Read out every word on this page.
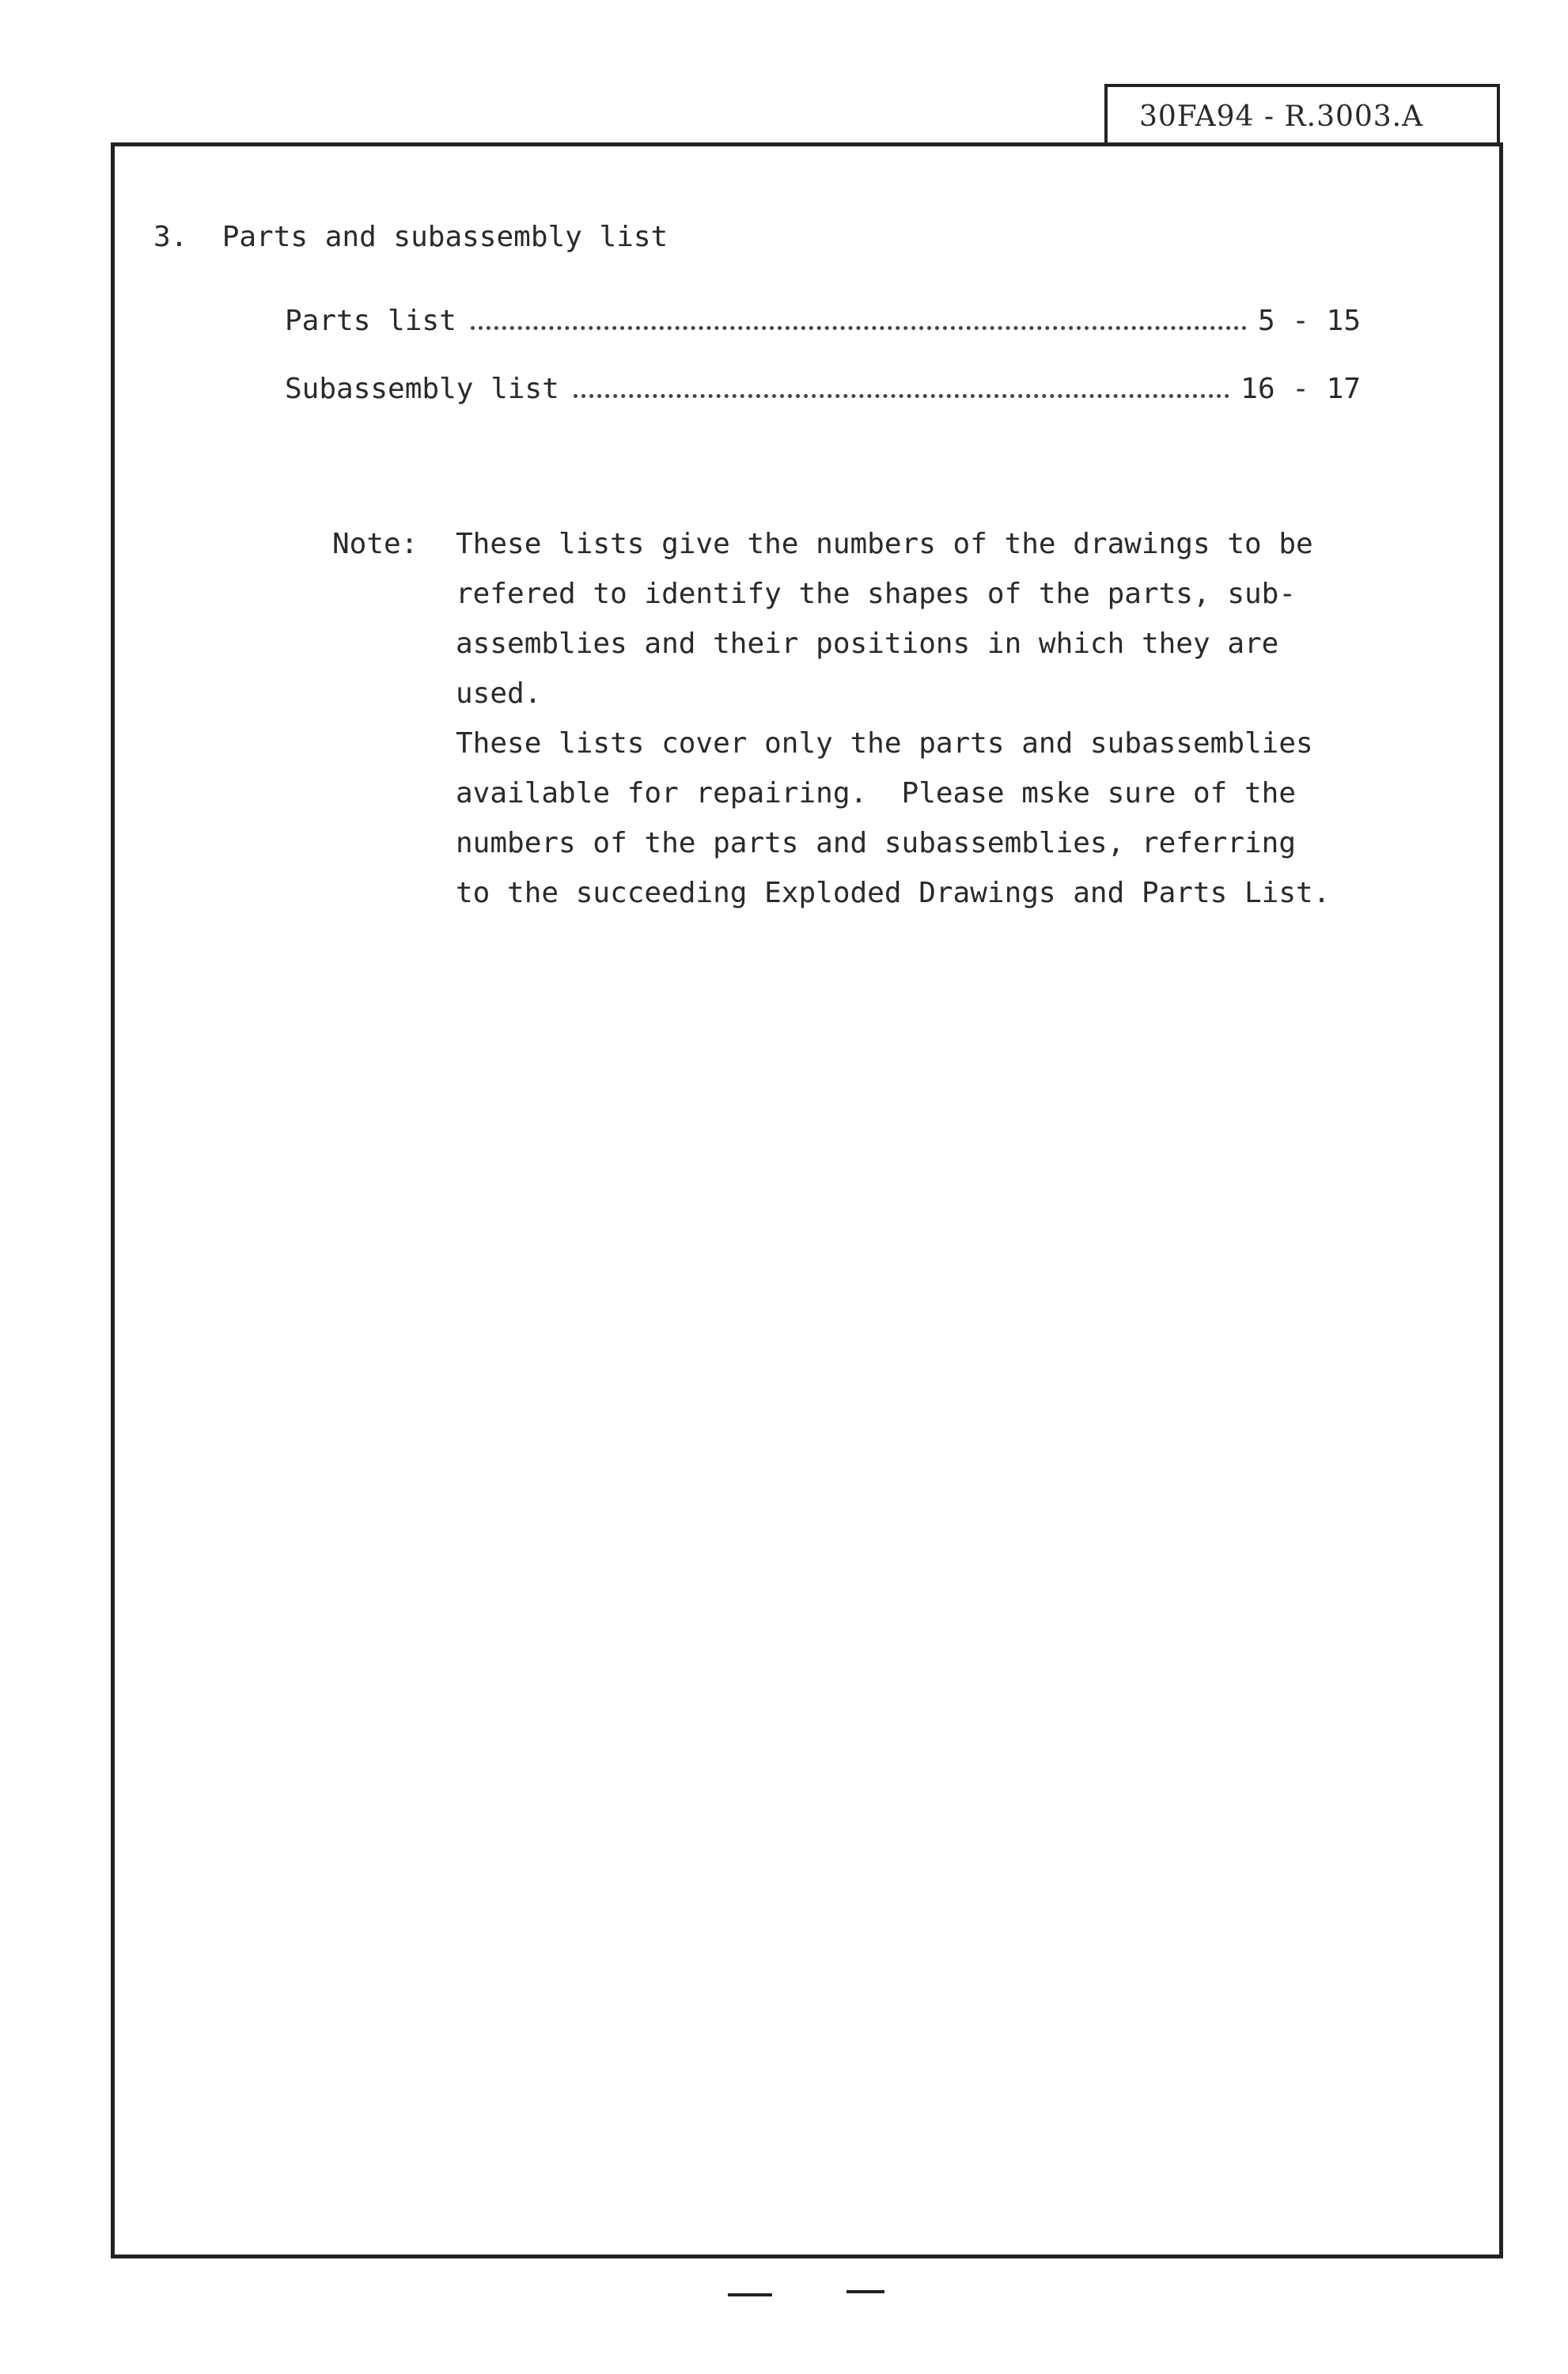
30FA94 - R.3003.A
3.  Parts and subassembly list
Parts list	5 - 15
Subassembly list	16 - 17
Note: These lists give the numbers of the drawings to be
refered to identify the shapes of the parts, sub-
assemblies and their positions in which they are
used.
These lists cover only the parts and subassemblies
available for repairing.  Please mske sure of the
numbers of the parts and subassemblies, referring
to the succeeding Exploded Drawings and Parts List.
